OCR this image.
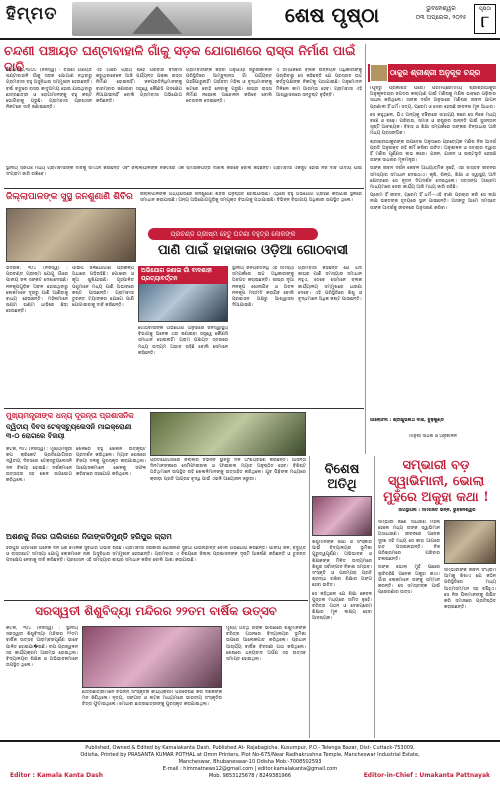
ହିମ୍ମତ	ଶେଷ ପୃଷ୍ଠା	ଭୁବନେଶ୍ୱର
୦୩ ଅପ୍ରେଲ, ୨୦୨୫
ପୃଷ୍ଠା
୮
ଚନ୍ଦଣୀ ପଞ୍ଚାୟତ ଘଣ୍ଟାବାହାଳି ଗାଁକୁ ସଡ଼କ ଯୋଗାଣରେ ରାସ୍ତା ନିର୍ମାଣ ପାଇଁ ଦାବି

ଭୋଗରାଇ,୩/୦୪ (ନିଜସ୍ୱ) : ଚନ୍ଦଣୀ ପଞ୍ଚାୟତ ଘଣ୍ଟାବାହାଳି ଗାଁକୁ ସଡ଼କ ଯୋଗାଣ ନଥିବାରୁ ଗ୍ରାମବାସୀ ବହୁ ଅସୁବିଧାର ସମ୍ମୁଖୀନ ହେଉଛନ୍ତି। ବର୍ଷା ଋତୁରେ ରାସ୍ତା କାଦୁଅମୟ ହୋଇ ଯାଉଥିବାରୁ ଛାତ୍ରଛାତ୍ରୀ ଓ ରୋଗୀମାନଙ୍କୁ ବହୁ କଷ୍ଟ ଭୋଗିବାକୁ ପଡୁଛି। ଗ୍ରାମବାସୀ ପ୍ରଶାସନ ନିକଟରେ ଦାବି ଜଣାଇଛନ୍ତି।

ଏହି ଗାଁରେ ପ୍ରାୟ ଶହେ ପରିବାର ବସବାସ କରୁଥିବାବେଳେ ଆଜି ପର୍ଯ୍ୟନ୍ତ ପକ୍କା ରାସ୍ତା ନିର୍ମାଣ ହୋଇନାହିଁ। ଜନପ୍ରତିନିଧିମାନଙ୍କୁ ବାରମ୍ବାର ଜଣାଇବା ସତ୍ତ୍ୱେ କୌଣସି ପଦକ୍ଷେପ ନିଆଯାଇନାହିଁ ବୋଲି ଗ୍ରାମବାସୀ ଅଭିଯୋଗ କରିଛନ୍ତି।

ଗ୍ରାମବାସୀଙ୍କ କହିବା ଅନୁଯାୟୀ ଜରୁରୀକାଳୀନ ପରିସ୍ଥିତିରେ ଆମ୍ବୁଲାନ୍ସ ଗାଁ ପର୍ଯ୍ୟନ୍ତ ପହଞ୍ଚିପାରୁନାହିଁ। ଗର୍ଭବତୀ ମହିଳା ଓ ବୃଦ୍ଧମାନଙ୍କୁ ଖଟରେ ବୋହି ନେବାକୁ ପଡୁଛି। ଶୀଘ୍ର ରାସ୍ତା ନିର୍ମାଣ ନହେଲେ ଆନ୍ଦୋଳନ କରିବେ ବୋଲି ଚେତାବନୀ ଦେଇଛନ୍ତି।

ଏ ସମ୍ପର୍କରେ ବ୍ଲକ ଉନ୍ନୟନ ଅଧିକାରୀଙ୍କୁ ପଚାରିବାରୁ ସେ କହିଛନ୍ତି ଯେ ପ୍ରସ୍ତାବ ଉଚ୍ଚ କର୍ତ୍ତୃପକ୍ଷଙ୍କ ନିକଟକୁ ପଠାଯାଇଛି। ଅନୁମୋଦନ ମିଳିଲେ କାମ ଆରମ୍ଭ ହେବ। ଗ୍ରାମବାସୀ ଏହି ଆଶ୍ୱାସନାରେ ସନ୍ତୁଷ୍ଟ ନୁହଁନ୍ତି।

ସ୍ଥାନୀୟ ସରପଞ୍ଚ ମଧ୍ୟ ଗ୍ରାମବାସୀଙ୍କ ଦାବିକୁ ସମର୍ଥନ କରିଛନ୍ତି ଏବଂ ଜିଲ୍ଲାପାଳଙ୍କ ନିକଟରେ ଏକ ସ୍ମାରକପତ୍ର ଦାଖଲ କରିବେ ବୋଲି କହିଛନ୍ତି। ଗ୍ରାମବାସୀ ଏକଜୁଟ ହୋଇ ନିଜ ଦାବି ଆଦାୟ ପାଇଁ ସଂଗ୍ରାମ ଜାରି ରଖିବେ।

ଠାକୁର ଶ୍ରୀଶ୍ରୀ ଅନୁକୂଳ ଚନ୍ଦ୍ର

(ପୂର୍ବରୁ ପ୍ରକାଶିତ ପରେ) ପରମପ୍ରେମମୟ ଶ୍ରୀଶ୍ରୀଠାକୁର ଅନୁକୂଳଚନ୍ଦ୍ର ଜଗତର କଲ୍ୟାଣ ପାଇଁ ମଣିଷକୁ ମଣିଷ ଭାବରେ ଗଢ଼ିବାର ସାଧନା କରିଥିଲେ। ତାଙ୍କ ଦର୍ଶନ ଅନୁସାରେ ମଣିଷର ଜୀବନ ଯାପନ ପ୍ରଣାଳୀ ହିଁ ଧର୍ମ। ସତ୍ୟ, ପ୍ରେମ ଓ ସେବା ହେଉଛି ଜୀବନର ମୂଳ ଆଧାର।

ସେ କହୁଥିଲେ, ଯିଏ ଅନ୍ୟକୁ ବଞ୍ଚିବାରେ ସାହାଯ୍ୟ କରେ ସେ ନିଜେ ମଧ୍ୟ ବଞ୍ଚେ ଓ ବଢ଼େ। ପରିବାର, ସମାଜ ଓ ରାଷ୍ଟ୍ରର ଉନ୍ନତି ପାଇଁ ସୁସନ୍ତାନ ସୃଷ୍ଟି ଆବଶ୍ୟକ। ବିବାହ ଓ ଶିକ୍ଷା ସମ୍ପର୍କରେ ତାଙ୍କର ଚିନ୍ତାଧାରା ଆଜି ମଧ୍ୟ ପ୍ରାସଙ୍ଗିକ।

ଶ୍ରୀଶ୍ରୀଠାକୁରଙ୍କ ଉପଦେଶ ଅନୁସାରେ ପ୍ରତ୍ୟେକ ମଣିଷ ନିଜ ଆଦର୍ଶ ପ୍ରତି ଅନୁରକ୍ତ ରହି କର୍ମ କରିବା ଉଚିତ। ଅନୁଶୀଳନ ଓ ସଦାଚାର ଦ୍ୱାରା ହିଁ ମଣିଷ ପୂର୍ଣ୍ଣତା ଲାଭ କରେ। ଯଜନ, ଯାଜନ ଓ ଇଷ୍ଟଭୃତି ହେଉଛି ତାଙ୍କ ସାଧନାର ମୂଳମନ୍ତ୍ର।

ତାଙ୍କ ଜୀବନ ଦର୍ଶନ କେବଳ ଆଧ୍ୟାତ୍ମିକ ନୁହେଁ, ଏହା ବାସ୍ତବ ଜୀବନର ସମସ୍ୟାର ସମାଧାନ ଦେଇଥାଏ। କୃଷି, ଶିଳ୍ପ, ଶିକ୍ଷା ଓ ସ୍ୱାସ୍ଥ୍ୟ ଆଦି କ୍ଷେତ୍ରରେ ସେ ନୂତନ ଦିଗଦର୍ଶନ ଦେଇଥିଲେ। ସତ୍ସଙ୍ଗ ଆଶ୍ରମ ମାଧ୍ୟମରେ ସେବା କାର୍ଯ୍ୟ ଆଜି ମଧ୍ୟ ଜାରି ରହିଛି।

ପ୍ରେମ ହିଁ ଜୀବନ, ପ୍ରେମ ହିଁ ଧର୍ମ—ଏହି ବାଣୀ ପ୍ରଚାର କରି ସେ ଲକ୍ଷ ଲକ୍ଷ ଭକ୍ତଙ୍କ ହୃଦୟରେ ସ୍ଥାନ ପାଇଛନ୍ତି। ଆସନ୍ତୁ ଆମେ ସମସ୍ତେ ତାଙ୍କ ଆଦର୍ଶକୁ ଜୀବନରେ ଅନୁସରଣ କରିବା।

ଆଲୋଚନା : ଶ୍ରୀଶୁଭନାଥ ଦାଶ, ବୁଢ଼ିକୁଣ୍ଡ
ମାନୁଷୀ ସାଧନା ଓ ଅନୁଶୀଳନ
ଜିଲ୍ଲାପାଳଙ୍କ ସୁସ୍ଥ ଜନଶୁଣାଣି ଶିବିର	ଜିଲ୍ଲାପାଳଙ୍କ ଅଧ୍ୟକ୍ଷତାରେ ଜନଶୁଣାଣି ଶିବିର ଅନୁଷ୍ଠିତ ହୋଇଯାଇଛି। ଏଥିରେ ବହୁ ଅଭିଯୋଗ ଗ୍ରହଣ କରାଯାଇ ସ୍ଥଳରେ ସମାଧାନ କରାଯାଇଛି। ଅନ୍ୟ ଅଭିଯୋଗଗୁଡ଼ିକୁ ସମ୍ପୃକ୍ତ ବିଭାଗକୁ ପଠାଯାଇଛି। ବିଭିନ୍ନ ବିଭାଗୀୟ ଅଧିକାରୀ ଉପସ୍ଥିତ ଥିଲେ।

ପ୍ରଚଣ୍ଡ ଗ୍ରୀଷ୍ମ ହେତୁ ଘଟଣା ବହୁତ୍ର ଲୋକଙ୍କ
ପାଣି ପାଇଁ ହାହାକାର ଓଡ଼ିଆ ଗୋଠବାସୀ

ଭଦ୍ରକ, ୩/୪ (ନିଜସ୍ୱ) : ପ୍ରଚଣ୍ଡ ଗ୍ରୀଷ୍ମ ଯୋଗୁ ଗାଁରେ ପାନୀୟ ଜଳ ସଙ୍କଟ ଦେଖାଦେଇଛି। ନଳକୂପଗୁଡ଼ିକ ଅଚଳ ହୋଇଥିବାରୁ ଲୋକମାନେ ଦୂରରୁ ପାଣି ଆଣିବାକୁ ବାଧ୍ୟ ହେଉଛନ୍ତି। ମହିଳାମାନେ ଘଣ୍ଟା ଘଣ୍ଟା ଧାଡ଼ିରେ ଛିଡ଼ା ହେଉଛନ୍ତି।

ପାଇପ ଜଳଯୋଗାଣ ପ୍ରକଳ୍ପ ଅଧାରେ ପଡ଼ିରହିଛି। ପୋଖରୀ ଓ କୂଅ ଶୁଖିଯାଇଛି। ଗୃହପାଳିତ ପଶୁମାନେ ମଧ୍ୟ ପାଣି ଅଭାବରେ କଷ୍ଟ ପାଉଛନ୍ତି। ଗ୍ରାମବାସୀ ତୁରନ୍ତ ଟ୍ୟାଙ୍କର ଯୋଗେ ପାଣି ଯୋଗାଇବାକୁ ଦାବି କରିଛନ୍ତି।

ଅଭିଯୋଗ ଜଣାଇ ଗାଁ ବାଦଶାହୀ ପ୍ରତ୍ୟାବର୍ତ୍ତନ

ଗୋଠବାସୀଙ୍କ ଅଭିଯୋଗ ଅନୁସାରେ ଜନସ୍ୱାସ୍ଥ୍ୟ ବିଭାଗକୁ ଅନେକ ଥର ଜଣାଇବା ସତ୍ତ୍ୱେ କୌଣସି ସମାଧାନ ହୋଇନାହିଁ। ଗ୍ରାମ ପଞ୍ଚାୟତ ସ୍ତରରେ ମଧ୍ୟ ଉଦ୍ୟମ ଅଭାବ ରହିଛି ବୋଲି ସେମାନେ କହିଛନ୍ତି।

ସ୍ଥାନୀୟ ଜନପ୍ରତିନିଧି ଏହି ସମସ୍ୟା ସମ୍ପର୍କରେ ଉଚ୍ଚ ଅଧିକାରୀଙ୍କୁ ଅବଗତ କରାଇଛନ୍ତି। ଶୀଘ୍ର ନୂଆ ନଳକୂପ ଖୋଳାଯିବ ଓ ଅଚଳ ନଳକୂପ ମରାମତି କରାଯିବ ବୋଲି ପ୍ରଶାସନ ପକ୍ଷରୁ ଆଶ୍ୱାସନା ଦିଆଯାଇଛି।

ଗ୍ରାମବାସୀ କହିଛନ୍ତି ଯେ ଯଦି ଶୀଘ୍ର ପାଣି ସମସ୍ୟାର ସମାଧାନ ନହୁଏ, ତେବେ ସେମାନେ ବ୍ଲକ କାର୍ଯ୍ୟାଳୟ ସମ୍ମୁଖରେ ଧାରଣା ଦେବେ। ଏହି ପରିସ୍ଥିତିରେ ଶିଶୁ ଓ ବୃଦ୍ଧମାନେ ଅଧିକ କଷ୍ଟ ପାଉଛନ୍ତି।

ମୁଖ୍ୟମନ୍ତ୍ରୀଙ୍କ ଧନ୍ୟ ଦୂରନ୍ତା ପ୍ରଶାସନିକ
ଦ୍ୱିତୀୟ ଦିବସ ଟେକ୍ସଚ୍ୟୁଲେସନି ମାଇକ୍ରୋଣୀ ୩-୦ ରୋଗରେ ବିଜୟୀ

କଟକ, ୩/୪ (ନିଜସ୍ୱ) : ମୁଖ୍ୟମନ୍ତ୍ରୀ କପ କ୍ରିକେଟ ପ୍ରତିଯୋଗିତାର ଦ୍ୱିତୀୟ ଦିବସରେ ଟେକ୍ସଚ୍ୟୁଲେସନି ଦଳ ବିଜୟୀ ହୋଇଛି। ଦର୍ଶକମାନେ ଉତ୍ସାହର ସହ ଖେଳ ଉପଭୋଗ କରିଥିଲେ।

ଖେଳରେ ବହୁ ଖେଳାଳି ଉତ୍କୃଷ୍ଟ ପ୍ରଦର୍ଶନ କରିଥିଲେ। ମ୍ୟାଚ ଶେଷରେ ବିଜୟୀ ଦଳକୁ ପୁରସ୍କୃତ କରାଯାଇଥିଲା। ଆୟୋଜକମାନେ ଖେଳକୁ ସଫଳ କରିବାରେ ସହଯୋଗ କରିଥିଲେ।

ପ୍ରତିଯୋଗିତାରେ ଜିଲ୍ଲାର ବିଭିନ୍ନ ସ୍ଥାନରୁ ଦଳ ଅଂଶଗ୍ରହଣ କରିଛନ୍ତି। ଆସନ୍ତା ଦିନମାନଙ୍କରେ ସେମିଫାଇନାଲ ଓ ଫାଇନାଲ ମ୍ୟାଚ ଅନୁଷ୍ଠିତ ହେବ। ବିଶିଷ୍ଟ ଅତିଥିମାନେ ଉପସ୍ଥିତ ରହି ଖେଳାଳିମାନଙ୍କୁ ଉତ୍ସାହିତ କରିଥିଲେ। ଯୁବ ପିଢ଼ିଙ୍କ ମଧ୍ୟରେ କ୍ରୀଡ଼ା ପ୍ରତି ଆଗ୍ରହ ବୃଦ୍ଧି ପାଇଁ ଏଭଳି ଆୟୋଜନ ଜରୁରୀ।

ଅଶଣକୁ ନିଜର ତାଲିକାରେ ନିଜାଙ୍କଡିମୁଣ୍ଡି ହରିପୁର ଗ୍ରାମ

ହରିପୁର ଗ୍ରାମରେ ଅନେକ ଦିନ ଧରି ମୌଳିକ ସୁବିଧାର ଅଭାବ ରହିଛି। ଗ୍ରାମବାସୀ ସରକାରୀ ଯୋଜନାର ସୁବିଧା ପାଉନାହାନ୍ତି ବୋଲି ଅଭିଯୋଗ କରିଛନ୍ତି। ପାନୀୟ ଜଳ, ବିଦ୍ୟୁତ୍ ଓ ରାସ୍ତାଘାଟ ସମସ୍ୟା ଯୋଗୁ ଲୋକମାନେ ନାନା ଅସୁବିଧାର ସମ୍ମୁଖୀନ ହେଉଛନ୍ତି। ଗ୍ରାମବାସୀ ଏ ବିଷୟରେ ଜିଲ୍ଲା ପ୍ରଶାସନଙ୍କ ଦୃଷ୍ଟି ଆକର୍ଷଣ କରିଛନ୍ତି ଓ ତୁରନ୍ତ ପଦକ୍ଷେପ ନେବାକୁ ଦାବି କରିଛନ୍ତି। ପ୍ରଶାସନ ଏହି ସମସ୍ୟାର ଶୀଘ୍ର ସମାଧାନ କରିବ ବୋଲି ଆଶା କରାଯାଉଛି।

ବିଶେଷ ଅତିଥି

ଶିଶୁମାନଙ୍କ ଶିକ୍ଷା ଓ ସଂସ୍କାର ପାଇଁ ବିଦ୍ୟାଳୟର ଭୂମିକା ଗୁରୁତ୍ୱପୂର୍ଣ୍ଣ। ଅଭିଭାବକ ଓ ଶିକ୍ଷକଙ୍କ ମିଳିତ ଉଦ୍ୟମରେ ଶିଶୁର ସର୍ବାଙ୍ଗୀନ ବିକାଶ ସମ୍ଭବ। ସଂସ୍କୃତି ଓ ପରମ୍ପରା ପ୍ରତି ଶ୍ରଦ୍ଧା ରଖିବା ଶିକ୍ଷାର ଅଙ୍ଗ ହେବା ଉଚିତ।

ସେ କହିଥିଲେ ଯେ ଶିକ୍ଷା କେବଳ ପୁସ୍ତକ ମଧ୍ୟରେ ସୀମିତ ନୁହେଁ। ଚରିତ୍ର ଗଠନ ଓ ଦେଶପ୍ରେମ ଶିକ୍ଷାର ମୂଳ ଲକ୍ଷ୍ୟ ହେବା ଆବଶ୍ୟକ।

ସମ୍ଭାରୀ ବଡ଼ ସ୍ୱାଭିମାନୀ, ଭୋଲା ମୁହଁରେ ଅକୁହା କଥା !
ଉପସ୍ଥାପନା : ସମରଜିତ ଭିନ୍ନ, ଭୁବନେଶ୍ୱର

ସମ୍ଭାରୀ ଜଣେ ସାଧାରଣ ମହିଳା ହେଲେ ମଧ୍ୟ ତାଙ୍କ ସ୍ୱାଭିମାନ ଅସାଧାରଣ। ଜୀବନରେ ଅନେକ ଦୁଃଖ ସହି ମଧ୍ୟ ସେ କାହା ଆଗରେ ହାତ ପତାଇନାହାନ୍ତି। ନିଜ ପରିଶ୍ରମରେ ପରିବାର ଚଳାଇଛନ୍ତି।

ତାଙ୍କ ଭୋଲା ମୁହଁ ପଛରେ ଲୁଚିରହିଛି ଅନେକ ଅକୁହା କଥା। ଗାଁର ଲୋକମାନେ ତାଙ୍କୁ ସମ୍ମାନ କରନ୍ତି। ସେ ସମସ୍ତଙ୍କ ପାଇଁ ପ୍ରେରଣାର ଉତ୍ସ।

ସମ୍ଭାରୀଙ୍କ ଜୀବନ ସଂଗ୍ରାମ ଆମକୁ ଶିଖାଏ ଯେ କଠିନ ପରିସ୍ଥିତିରେ ମଧ୍ୟ ଆତ୍ମସମ୍ମାନ ସହ ବଞ୍ଚିହୁଏ। ସେ ନିଜ ପିଲାମାନଙ୍କୁ ଶିକ୍ଷିତ କରି ସମାଜରେ ପ୍ରତିଷ୍ଠିତ କରାଇଛନ୍ତି।

ସରସ୍ୱତୀ ଶିଶୁବିଦ୍ୟା ମନ୍ଦିରର ୨୨ତମ ବାର୍ଷିକ ଉତ୍ସବ

କଟକ, ୩/୪ (ନିଜସ୍ୱ) : ସ୍ଥାନୀୟ ସରସ୍ୱତୀ ଶିଶୁବିଦ୍ୟା ମନ୍ଦିରର ୨୨ତମ ବାର୍ଷିକ ଉତ୍ସବ ଆଡ଼ମ୍ବରପୂର୍ଣ୍ଣ ଭାବେ ପାଳିତ ହୋଇଯା�ଇଛି। ଦୀପ ପ୍ରଜ୍ୱଳନ ସହ କାର୍ଯ୍ୟକ୍ରମ ଆରମ୍ଭ ହୋଇଥିଲା। ବିଦ୍ୟାଳୟର ଶିକ୍ଷକ ଓ ଅଭିଭାବକମାନେ ଉପସ୍ଥିତ ଥିଲେ।

ଛାତ୍ରଛାତ୍ରୀମାନେ ବିଭିନ୍ନ ସାଂସ୍କୃତିକ କାର୍ଯ୍ୟକ୍ରମ ପରିବେଷଣ କରି ଦର୍ଶକଙ୍କ ମନ ଜିଣିଥିଲେ। ନୃତ୍ୟ, ସଙ୍ଗୀତ ଓ ନାଟକ ମାଧ୍ୟମରେ ଭାରତୀୟ ସଂସ୍କୃତିର ଚିତ୍ର ଫୁଟାଇଥିଲେ। ମେଧାବୀ ଛାତ୍ରଛାତ୍ରୀଙ୍କୁ ପୁରସ୍କୃତ କରାଯାଇଥିଲା।

ମୁଖ୍ୟ ଅତିଥି ତାଙ୍କ ଭାଷଣରେ ଶିଶୁମାନଙ୍କ ଚରିତ୍ର ଗଠନରେ ବିଦ୍ୟାଳୟର ଭୂମିକା ଉପରେ ଆଲୋକପାତ କରିଥିଲେ। ପ୍ରଧାନ ଆଚାର୍ଯ୍ୟ ବାର୍ଷିକ ବିବରଣୀ ପାଠ କରିଥିଲେ। ଶେଷରେ ଧନ୍ୟବାଦ ଅର୍ପଣ ସହ ଉତ୍ସବ ସମାପ୍ତ ହୋଇଥିଲା।

Published, Owned & Edited by Kamalakanta Dash, Published At- Rajabagicha, Kusumpur, P.O.- Telenga Bazar, Dist- Cuttack-753009, Odisha, Printed by PRASANTA KUMAR POTHAL at Omm Printers, Plot No-675/Near Radhakrushna Temple, Mancheswar Industrial Estate, Mancheswar, Bhubaneswar-10 Odisha Mob:-7008502593
E-mail : himmatnews12@gmail.com | editor.kamalakanta@gmail.com
Mob. 9853125678 / 8249381966
Editor : Kamala Kanta Dash	Editor-in-Chief : Umakanta Pattnayak
